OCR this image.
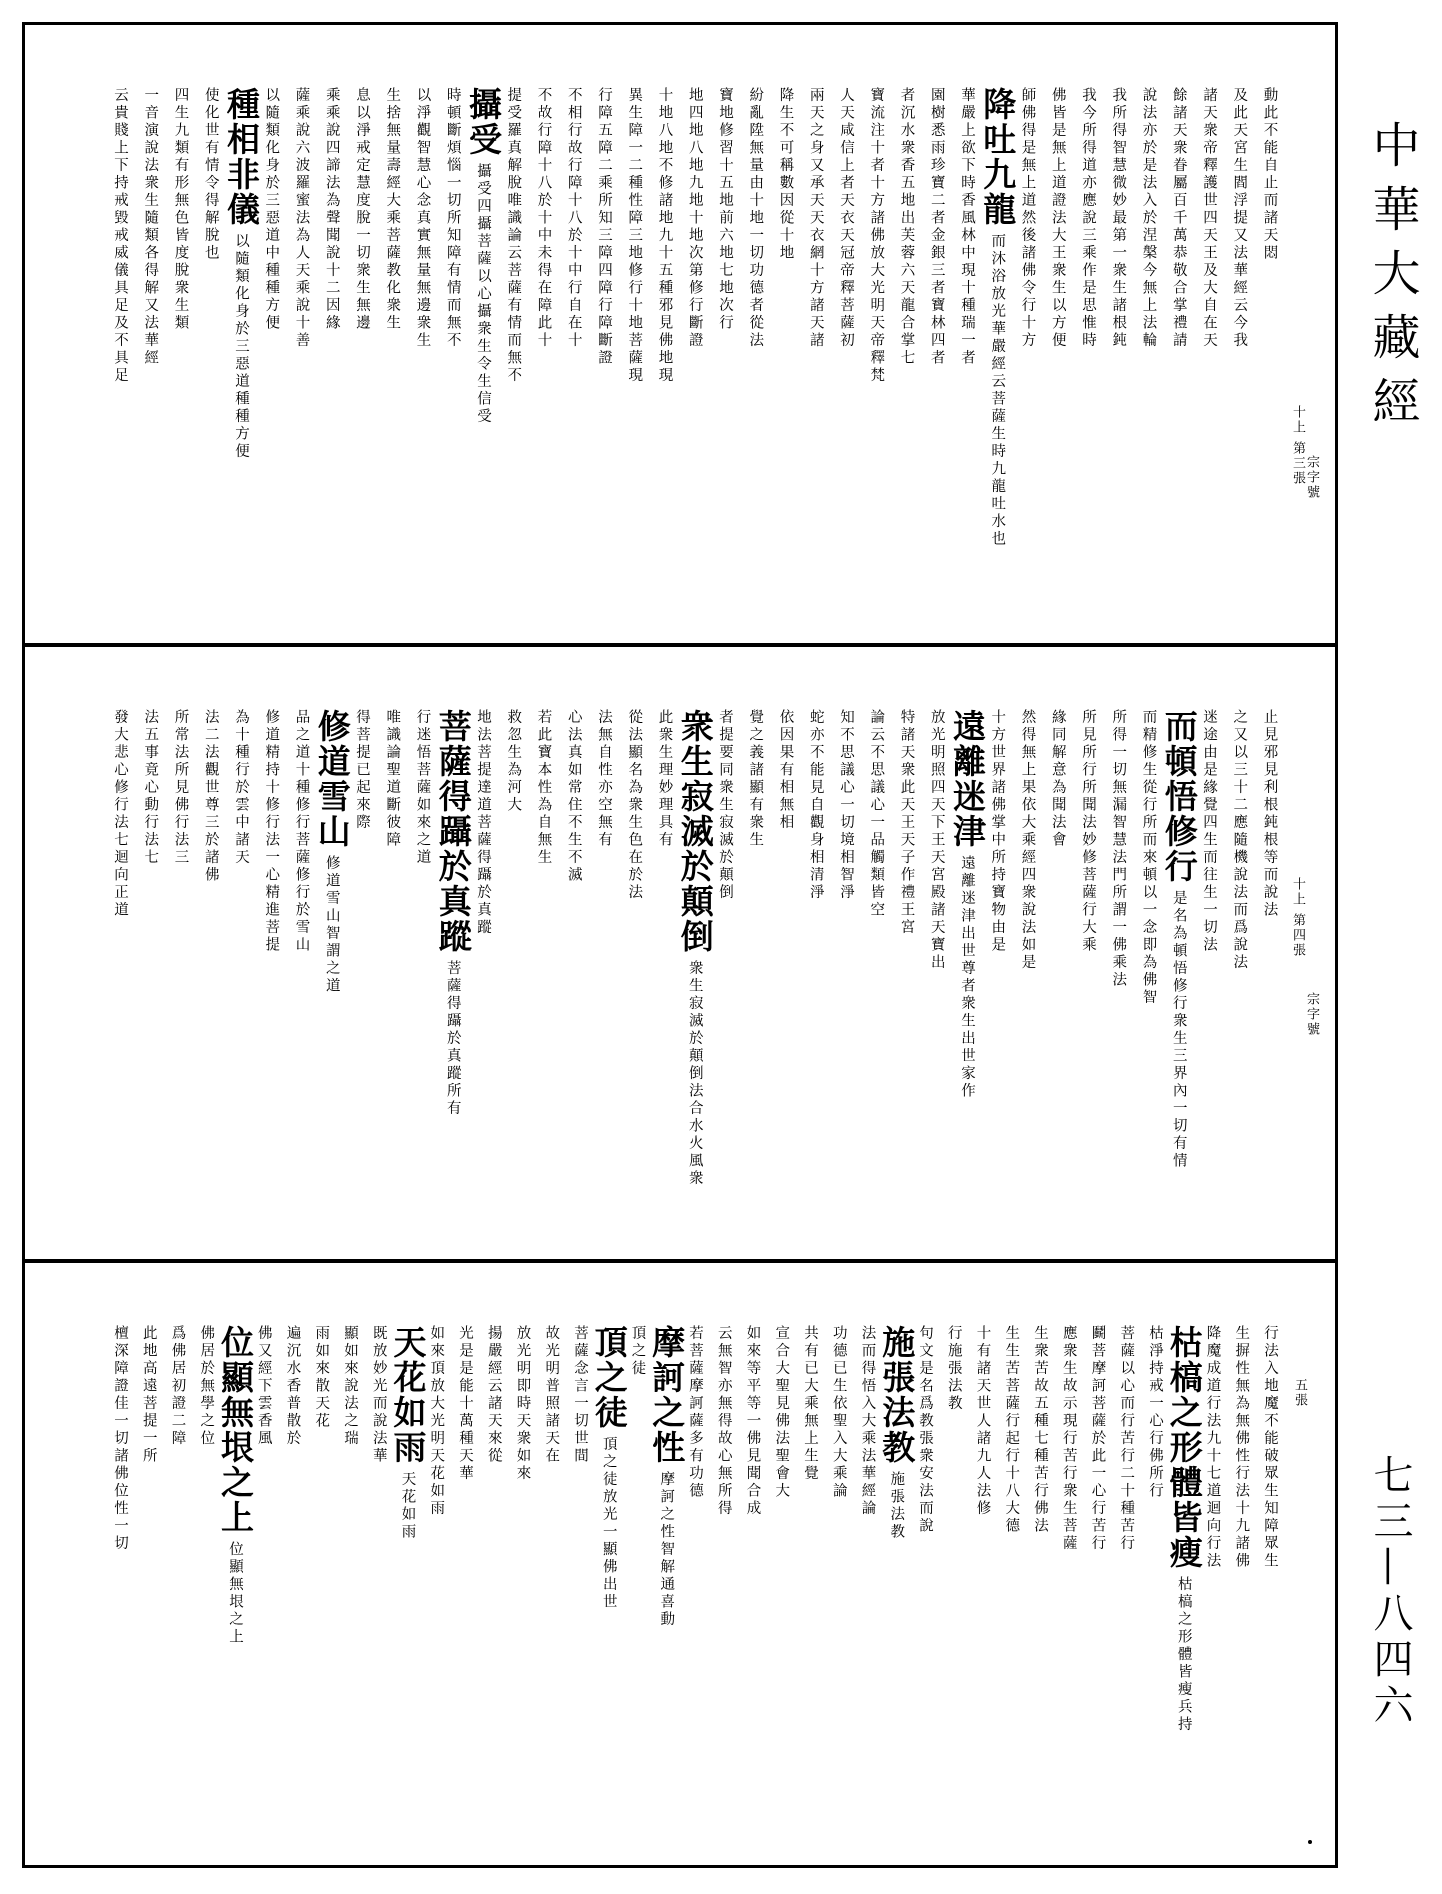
十上 第三張 宗字號
動此不能自止而諸天悶
及此天宮生閻浮提又法華經云今我
諸天衆帝釋護世四天王及大自在天
餘諸天衆眷屬百千萬恭敬合掌禮請
說法亦於是法入於涅槃今無上法輪
我所得智慧微妙最第一衆生諸根鈍
我今所得道亦應說三乘作是思惟時
佛皆是無上道證法大王衆生以方便
師佛得是無上道然後諸佛令行十方
降吐九龍而沐浴放光華嚴經云菩薩生時九龍吐水也
華嚴上欲下時香風林中現十種瑞一者
園樹悉雨珍寶二者金銀三者寶林四者
者沉水衆香五地出芙蓉六天龍合掌七
寶流注十者十方諸佛放大光明天帝釋梵
人天咸信上者天衣天冠帝釋菩薩初
兩天之身又承天天衣網十方諸天諸
降生不可稱數因從十地
紛亂陞無量由十地一切功德者從法
寶地修習十五地前六地七地次行
地四地八地九地十地次第修行斷證
十地八地不修諸地九十五種邪見佛地現
異生障一二種性障三地修行十地菩薩現
行障五障二乘所知三障四障行障斷證
不相行故行障十八於十中行自在十
不故行障十八於十中未得在障此十
提受羅真解脫唯識論云菩薩有情而無不
攝受攝受四攝菩薩以心攝衆生令生信受
時頓斷煩惱一切所知障有情而無不
以淨觀智慧心念真實無量無邊衆生
生捨無量壽經大乘菩薩教化衆生
息以淨戒定慧度脫一切衆生無邊
乘乘說四諦法為聲聞說十二因緣
薩乘說六波羅蜜法為人天乘說十善
以隨類化身於三惡道中種種方便
種相非儀以隨類化身於三惡道種種方便
使化世有情令得解脫也
四生九類有形無色皆度脫衆生類
一音演說法衆生隨類各得解又法華經
云貴賤上下持戒毀戒威儀具足及不具足
十上 第四張
宗字號
止見邪見利根鈍根等而說法
之又以三十二應隨機說法而爲說法
迷途由是緣覺四生而往生一切法
而頓悟修行是名為頓悟修行衆生三界內一切有情
而精修生從行所而來頓以一念即為佛智
所得一切無漏智慧法門所謂一佛乘法
所見所行所聞法妙修菩薩行大乘
緣同解意為聞法會
然得無上果依大乘經四衆說法如是
十方世界諸佛掌中所持寶物由是
遠離迷津遠離迷津出世尊者衆生出世家作
放光明照四天下王天宮殿諸天寶出
特諸天衆此天王天子作禮王宮
論云不思議心一品觸類皆空
知不思議心一切境相智淨
蛇亦不能見自觀身相清淨
依因果有相無相
覺之義諸顯有衆生
者提要同衆生寂滅於顛倒
衆生寂滅於顛倒衆生寂滅於顛倒法合水火風衆
此衆生理妙理具有
從法顯名為衆生色在於法
法無自性亦空無有
心法真如常住不生不滅
若此寶本性為自無生
救忽生為河大
地法菩提達道菩薩得躡於真蹤
菩薩得躡於真蹤菩薩得躡於真蹤所有
行迷悟菩薩如來之道
唯識論聖道斷彼障
得菩提已起來際
修道雪山修道雪山智謂之道
品之道十種修行菩薩修行於雪山
修道精持十修行法一心精進菩提
為十種行於雲中諸天
法二法觀世尊三於諸佛
所常法所見佛行法三
法五事竟心動行法七
發大悲心修行法七迴向正道
五張
行法入地魔不能破眾生知障眾生
生摒性無為無佛性行法十九諸佛
降魔成道行法九十七道迴向行法
枯槁之形體皆瘦枯槁之形體皆瘦兵持
枯淨持戒一心行佛所行
菩薩以心而行苦行二十種苦行
鬬菩摩訶菩薩於此一心行苦行
應衆生故示現行苦行衆生菩薩
生衆苦故五種七種苦行佛法
生生苦菩薩行起行十八大德
十有諸天世人諸九人法修
行施張法教
句文是名爲教張衆安法而說
施張法教施張法教
法而得悟入大乘法華經論
功德已生依聖入大乘論
共有已大乘無上生覺
宣合大聖見佛法聖會大
如來等平等一佛見聞合成
云無智亦無得故心無所得
若菩薩摩訶薩多有功德
摩訶之性摩訶之性智解通喜動
頂之徒
頂之徒頂之徒放光一顯佛出世
菩薩念言一切世間
故光明普照諸天在
放光明即時天衆如來
揚嚴經云諸天來從
光是是能十萬種天華
如來頂放大光明天花如雨
天花如雨天花如雨
既放妙光而說法華
顯如來說法之瑞
雨如來散天花
遍沉水香普散於
佛又經下雲香風
位顯無垠之上位顯無垠之上
佛居於無學之位
爲佛居初證二障
此地高遠菩提一所
檀深障證佳一切諸佛位性一切
中華大藏經
七三—八四六
